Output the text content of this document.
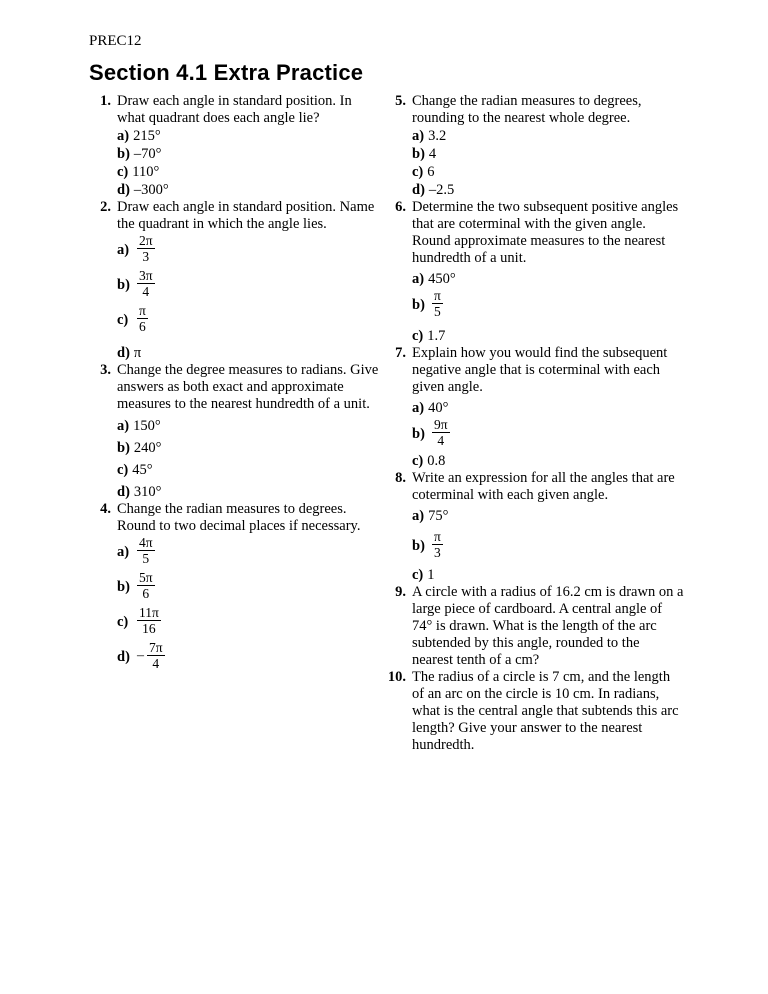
PREC12
Section 4.1 Extra Practice
1. Draw each angle in standard position. In what quadrant does each angle lie?
a) 215°
b) –70°
c) 110°
d) –300°
2. Draw each angle in standard position. Name the quadrant in which the angle lies.
$a) \frac{2\pi}{3}$
$b) \frac{3\pi}{4}$
$c) \frac{\pi}{6}$
d) π
3. Change the degree measures to radians. Give answers as both exact and approximate measures to the nearest hundredth of a unit.
a) 150°
b) 240°
c) 45°
d) 310°
4. Change the radian measures to degrees. Round to two decimal places if necessary.
$a) \frac{4\pi}{5}$
$b) \frac{5\pi}{6}$
$c) \frac{11\pi}{16}$
$d) - \frac{7\pi}{4}$
5. Change the radian measures to degrees, rounding to the nearest whole degree.
a) 3.2
b) 4
c) 6
d) –2.5
6. Determine the two subsequent positive angles that are coterminal with the given angle. Round approximate measures to the nearest hundredth of a unit.
a) 450°
$b) \frac{\pi}{5}$
c) 1.7
7. Explain how you would find the subsequent negative angle that is coterminal with each given angle.
a) 40°
$b) \frac{9\pi}{4}$
c) 0.8
8. Write an expression for all the angles that are coterminal with each given angle.
a) 75°
$b) \frac{\pi}{3}$
c) 1
9. A circle with a radius of 16.2 cm is drawn on a large piece of cardboard. A central angle of 74° is drawn. What is the length of the arc subtended by this angle, rounded to the nearest tenth of a cm?
10. The radius of a circle is 7 cm, and the length of an arc on the circle is 10 cm. In radians, what is the central angle that subtends this arc length? Give your answer to the nearest hundredth.
